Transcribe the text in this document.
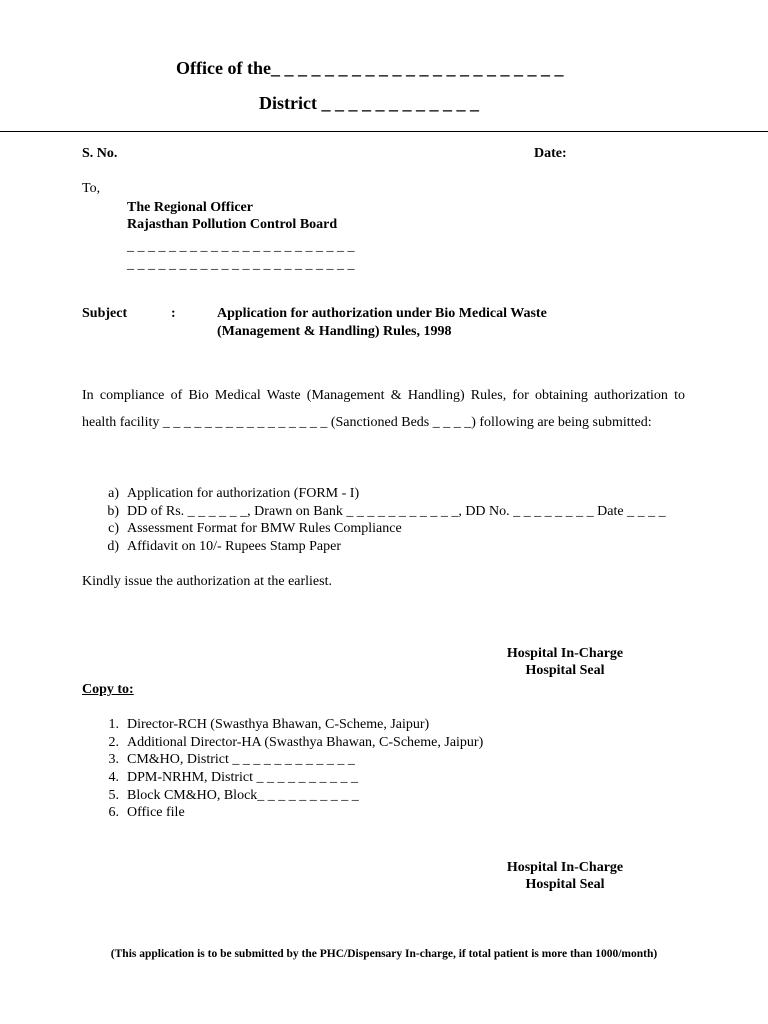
Office of the_ _ _ _ _ _ _ _ _ _ _ _ _ _ _ _ _ _ _ _ _ _
District _ _ _ _ _ _ _ _ _ _ _ _
S. No.	Date:
To,
The Regional Officer
Rajasthan Pollution Control Board
_ _ _ _ _ _ _ _ _ _ _ _ _ _ _ _ _ _ _ _ _ _
_ _ _ _ _ _ _ _ _ _ _ _ _ _ _ _ _ _ _ _ _ _
Subject	:	Application for authorization under Bio Medical Waste
(Management & Handling) Rules, 1998
In compliance of Bio Medical Waste (Management & Handling) Rules, for obtaining authorization to health facility _ _ _ _ _ _ _ _ _ _ _ _ _ _ _ _ (Sanctioned Beds _ _ _ _) following are being submitted:
a) Application for authorization (FORM - I)
b) DD of Rs. _ _ _ _ _ _, Drawn on Bank _ _ _ _ _ _ _ _ _ _ _, DD No. _ _ _ _ _ _ _ _ Date _ _ _ _
c) Assessment Format for BMW Rules Compliance
d) Affidavit on 10/- Rupees Stamp Paper
Kindly issue the authorization at the earliest.
Hospital In-Charge
Hospital Seal
Copy to:
1. Director-RCH (Swasthya Bhawan, C-Scheme, Jaipur)
2. Additional Director-HA (Swasthya Bhawan, C-Scheme, Jaipur)
3. CM&HO, District _ _ _ _ _ _ _ _ _ _ _ _
4. DPM-NRHM, District _ _ _ _ _ _ _ _ _ _
5. Block CM&HO, Block_ _ _ _ _ _ _ _ _ _
6. Office file
Hospital In-Charge
Hospital Seal
(This application is to be submitted by the PHC/Dispensary In-charge, if total patient is more than 1000/month)
